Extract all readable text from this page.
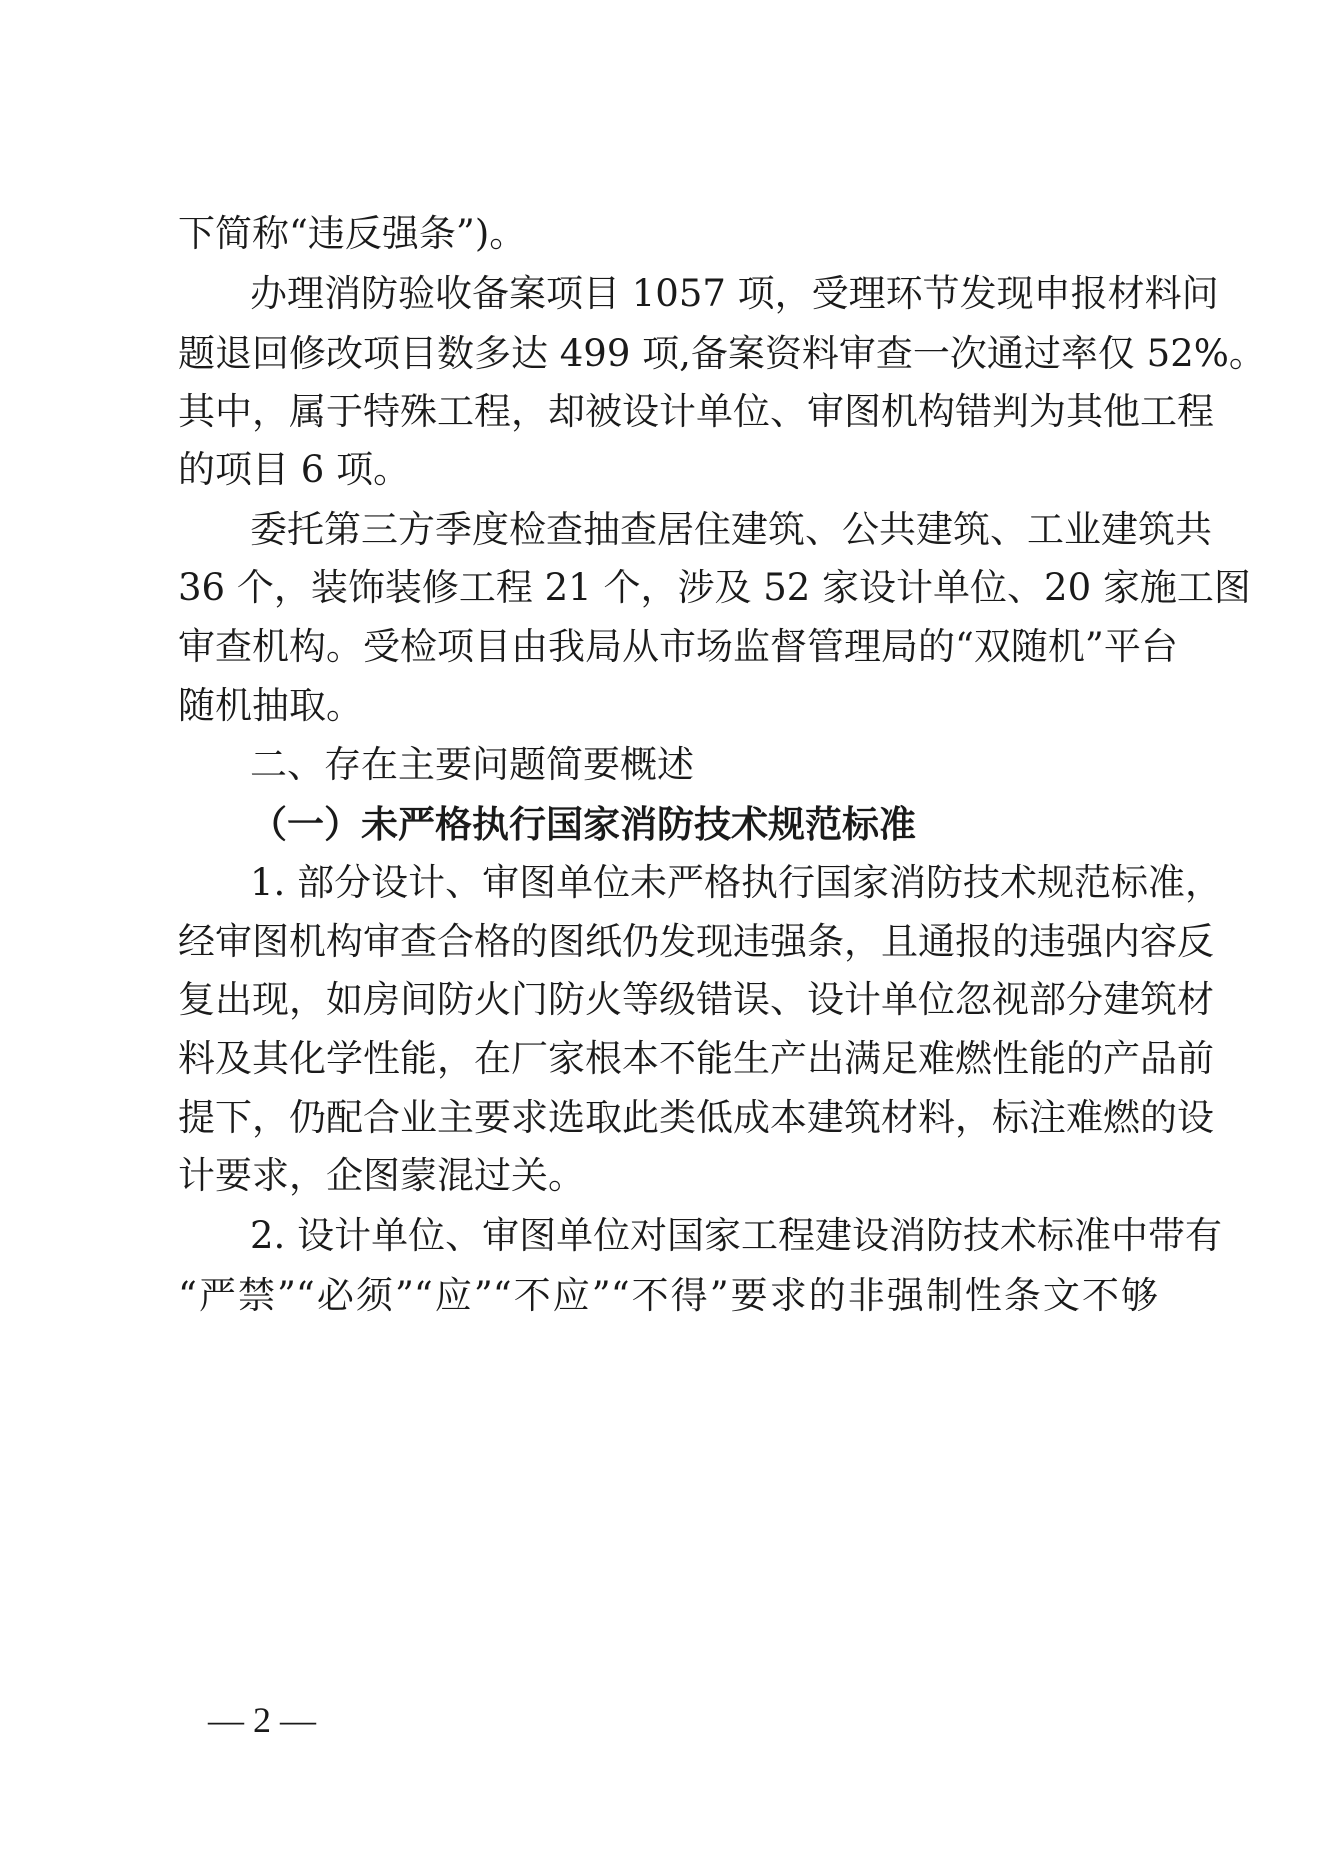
下简称“违反强条”)。
办理消防验收备案项目 1057 项，受理环节发现申报材料问
题退回修改项目数多达 499 项,备案资料审查一次通过率仅 52%。
其中，属于特殊工程，却被设计单位、审图机构错判为其他工程
的项目 6 项。
委托第三方季度检查抽查居住建筑、公共建筑、工业建筑共
36 个，装饰装修工程 21 个，涉及 52 家设计单位、20 家施工图
审查机构。受检项目由我局从市场监督管理局的“双随机”平台
随机抽取。
二、存在主要问题简要概述
（一）未严格执行国家消防技术规范标准
1. 部分设计、审图单位未严格执行国家消防技术规范标准，
经审图机构审查合格的图纸仍发现违强条，且通报的违强内容反
复出现，如房间防火门防火等级错误、设计单位忽视部分建筑材
料及其化学性能，在厂家根本不能生产出满足难燃性能的产品前
提下，仍配合业主要求选取此类低成本建筑材料，标注难燃的设
计要求，企图蒙混过关。
2. 设计单位、审图单位对国家工程建设消防技术标准中带有
“严禁”“必须”“应”“不应”“不得”要求的非强制性条文不够
— 2 —
